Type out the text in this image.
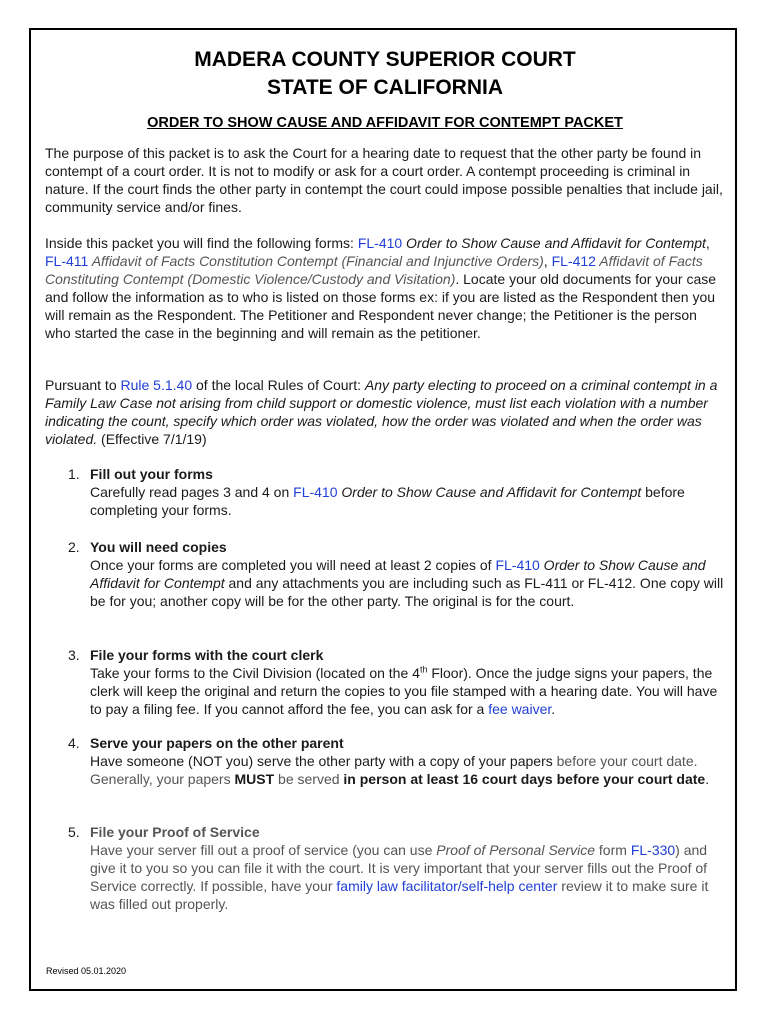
MADERA COUNTY SUPERIOR COURT
STATE OF CALIFORNIA
ORDER TO SHOW CAUSE AND AFFIDAVIT FOR CONTEMPT PACKET

The purpose of this packet is to ask the Court for a hearing date to request that the other party be found in contempt of a court order. It is not to modify or ask for a court order. A contempt proceeding is criminal in nature. If the court finds the other party in contempt the court could impose possible penalties that include jail, community service and/or fines.

Inside this packet you will find the following forms: FL-410 Order to Show Cause and Affidavit for Contempt, FL-411 Affidavit of Facts Constitution Contempt (Financial and Injunctive Orders), FL-412 Affidavit of Facts Constituting Contempt (Domestic Violence/Custody and Visitation). Locate your old documents for your case and follow the information as to who is listed on those forms ex: if you are listed as the Respondent then you will remain as the Respondent. The Petitioner and Respondent never change; the Petitioner is the person who started the case in the beginning and will remain as the petitioner.

Pursuant to Rule 5.1.40 of the local Rules of Court: Any party electing to proceed on a criminal contempt in a Family Law Case not arising from child support or domestic violence, must list each violation with a number indicating the count, specify which order was violated, how the order was violated and when the order was violated. (Effective 7/1/19)

1. Fill out your forms
Carefully read pages 3 and 4 on FL-410 Order to Show Cause and Affidavit for Contempt before completing your forms.
2. You will need copies
Once your forms are completed you will need at least 2 copies of FL-410 Order to Show Cause and Affidavit for Contempt and any attachments you are including such as FL-411 or FL-412. One copy will be for you; another copy will be for the other party. The original is for the court.
3. File your forms with the court clerk
Take your forms to the Civil Division (located on the 4th Floor). Once the judge signs your papers, the clerk will keep the original and return the copies to you file stamped with a hearing date. You will have to pay a filing fee. If you cannot afford the fee, you can ask for a fee waiver.
4. Serve your papers on the other parent
Have someone (NOT you) serve the other party with a copy of your papers before your court date. Generally, your papers MUST be served in person at least 16 court days before your court date.
5. File your Proof of Service
Have your server fill out a proof of service (you can use Proof of Personal Service form FL-330) and give it to you so you can file it with the court. It is very important that your server fills out the Proof of Service correctly. If possible, have your family law facilitator/self-help center review it to make sure it was filled out properly.
Revised 05.01.2020
